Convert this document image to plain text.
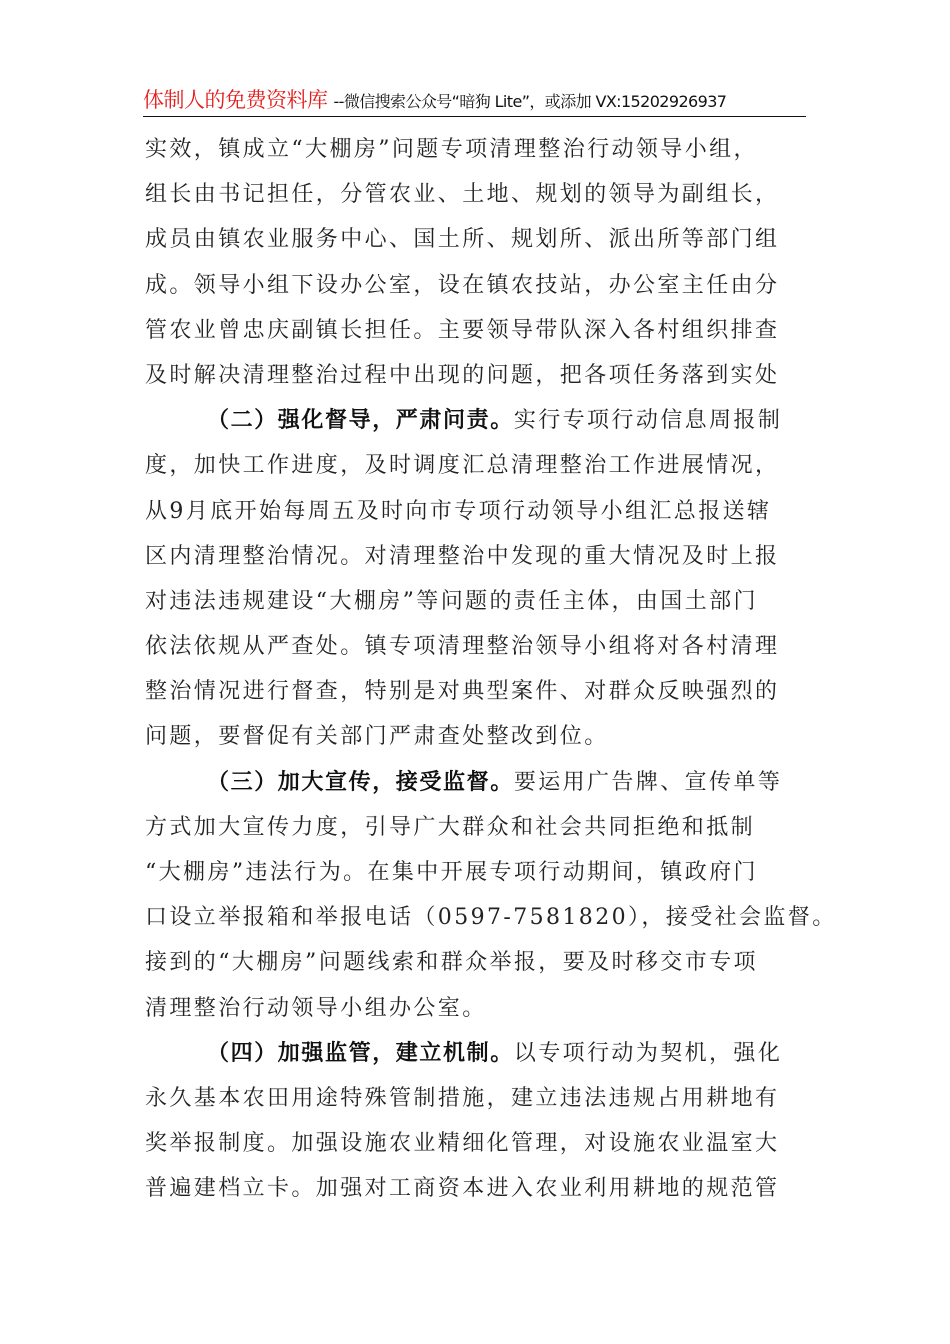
体制人的免费资料库 --微信搜索公众号“暗狗 Lite”，或添加 VX:15202926937
实效，镇成立“大棚房”问题专项清理整治行动领导小组，
组长由书记担任，分管农业、土地、规划的领导为副组长，
成员由镇农业服务中心、国土所、规划所、派出所等部门组
成。领导小组下设办公室，设在镇农技站，办公室主任由分
管农业曾忠庆副镇长担任。主要领导带队深入各村组织排查
及时解决清理整治过程中出现的问题，把各项任务落到实处
（二）强化督导，严肃问责。实行专项行动信息周报制
度，加快工作进度，及时调度汇总清理整治工作进展情况，
从9月底开始每周五及时向市专项行动领导小组汇总报送辖
区内清理整治情况。对清理整治中发现的重大情况及时上报
对违法违规建设“大棚房”等问题的责任主体，由国土部门
依法依规从严查处。镇专项清理整治领导小组将对各村清理
整治情况进行督查，特别是对典型案件、对群众反映强烈的
问题，要督促有关部门严肃查处整改到位。
（三）加大宣传，接受监督。要运用广告牌、宣传单等
方式加大宣传力度，引导广大群众和社会共同拒绝和抵制
“大棚房”违法行为。在集中开展专项行动期间，镇政府门
口设立举报箱和举报电话（0597-7581820），接受社会监督。
接到的“大棚房”问题线索和群众举报，要及时移交市专项
清理整治行动领导小组办公室。
（四）加强监管，建立机制。以专项行动为契机，强化
永久基本农田用途特殊管制措施，建立违法违规占用耕地有
奖举报制度。加强设施农业精细化管理，对设施农业温室大
普遍建档立卡。加强对工商资本进入农业利用耕地的规范管
